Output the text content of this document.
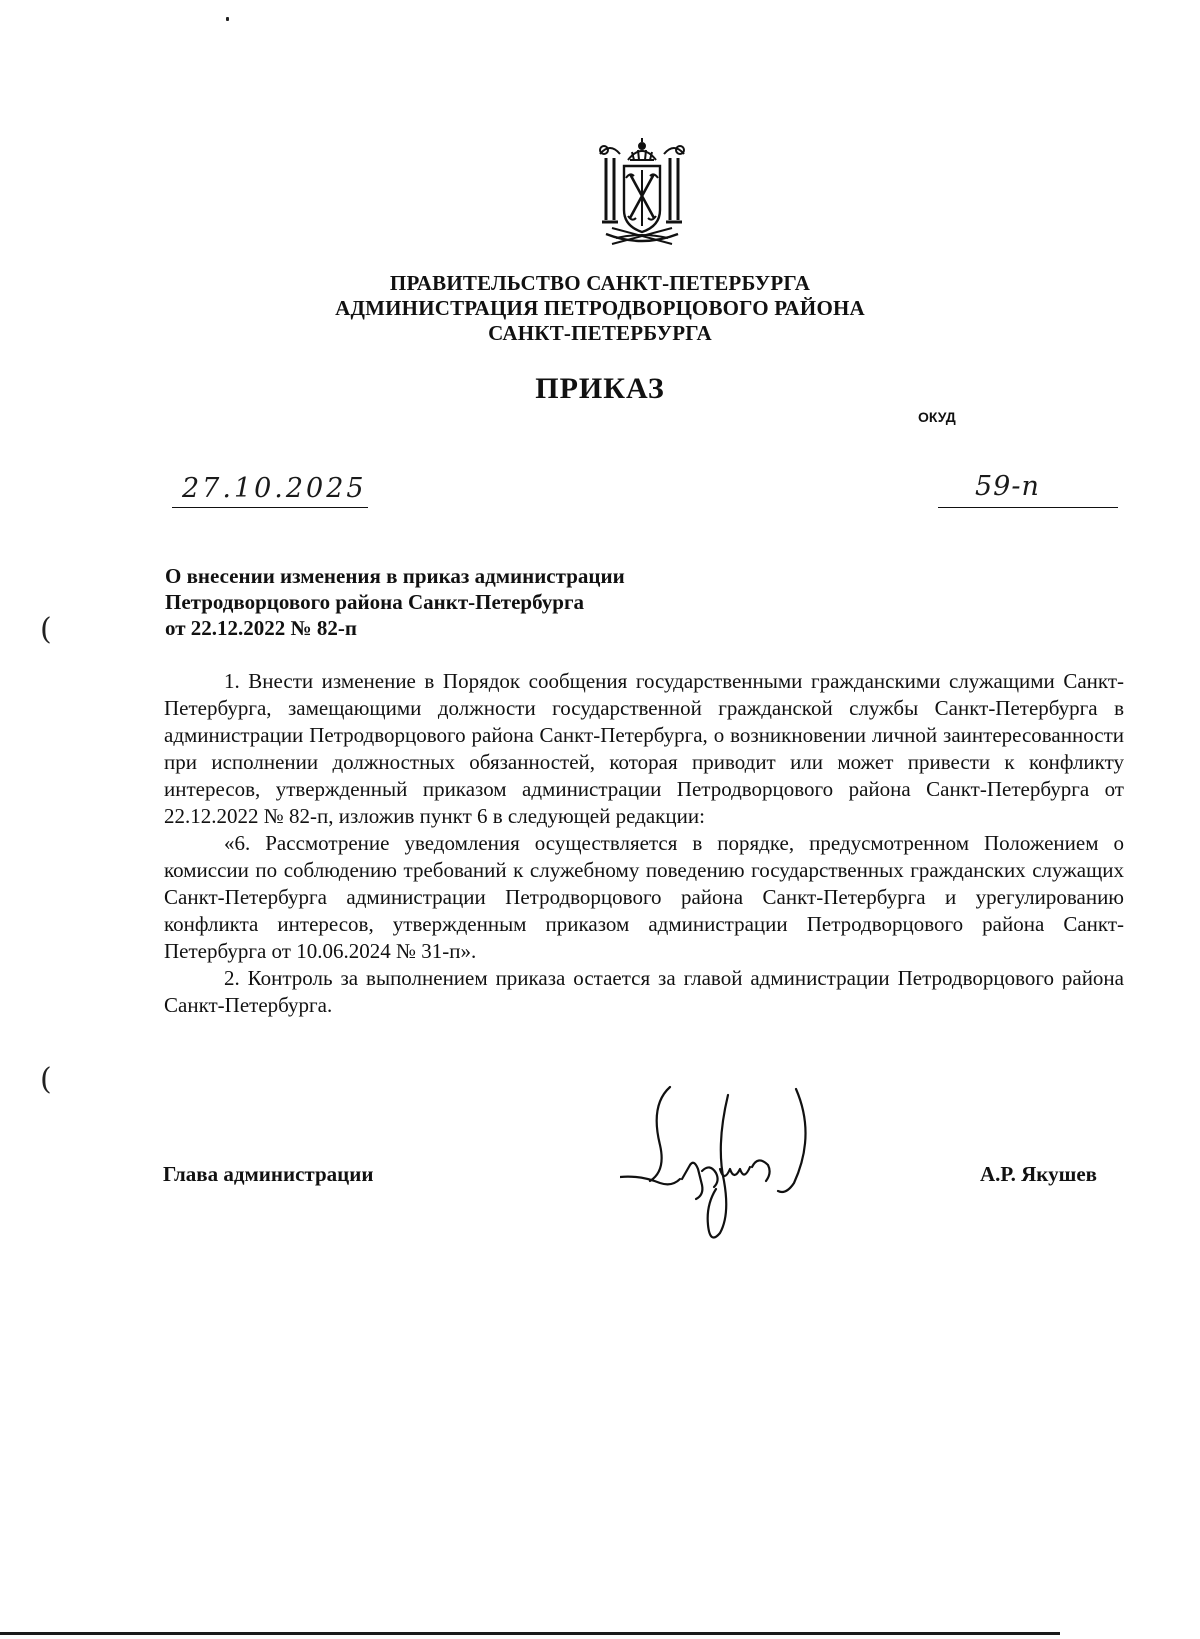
ПРАВИТЕЛЬСТВО САНКТ-ПЕТЕРБУРГА
АДМИНИСТРАЦИЯ ПЕТРОДВОРЦОВОГО РАЙОНА
САНКТ-ПЕТЕРБУРГА
ПРИКАЗ
ОКУД
27.10.2025	59-п
О внесении изменения в приказ администрации
Петродворцового района Санкт-Петербурга
от 22.12.2022 № 82-п
(
(

1. Внести изменение в Порядок сообщения государственными гражданскими служащими Санкт-Петербурга, замещающими должности государственной гражданской службы Санкт-Петербурга в администрации Петродворцового района Санкт-Петербурга, о возникновении личной заинтересованности при исполнении должностных обязанностей, которая приводит или может привести к конфликту интересов, утвержденный приказом администрации Петродворцового района Санкт-Петербурга от 22.12.2022 № 82-п, изложив пункт 6 в следующей редакции:

«6. Рассмотрение уведомления осуществляется в порядке, предусмотренном Положением о комиссии по соблюдению требований к служебному поведению государственных гражданских служащих Санкт-Петербурга администрации Петродворцового района Санкт-Петербурга и урегулированию конфликта интересов, утвержденным приказом администрации Петродворцового района Санкт-Петербурга от 10.06.2024 № 31-п».

2. Контроль за выполнением приказа остается за главой администрации Петродворцового района Санкт-Петербурга.

Глава администрации	А.Р. Якушев
